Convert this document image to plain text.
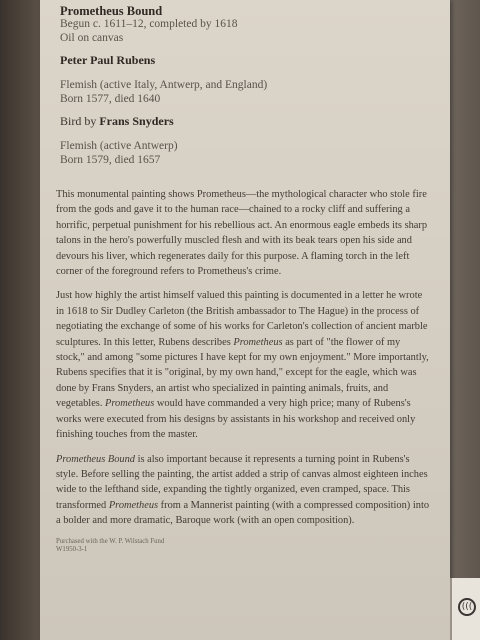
Prometheus Bound

Begun c. 1611–12, completed by 1618

Oil on canvas

Peter Paul Rubens

Flemish (active Italy, Antwerp, and England)

Born 1577, died 1640

Bird by Frans Snyders

Flemish (active Antwerp)

Born 1579, died 1657

This monumental painting shows Prometheus—the mythological character who stole fire from the gods and gave it to the human race—chained to a rocky cliff and suffering a horrific, perpetual punishment for his rebellious act. An enormous eagle embeds its sharp talons in the hero's powerfully muscled flesh and with its beak tears open his side and devours his liver, which regenerates daily for this purpose. A flaming torch in the left corner of the foreground refers to Prometheus's crime.

Just how highly the artist himself valued this painting is documented in a letter he wrote in 1618 to Sir Dudley Carleton (the British ambassador to The Hague) in the process of negotiating the exchange of some of his works for Carleton's collection of ancient marble sculptures. In this letter, Rubens describes Prometheus as part of "the flower of my stock," and among "some pictures I have kept for my own enjoyment." More importantly, Rubens specifies that it is "original, by my own hand," except for the eagle, which was done by Frans Snyders, an artist who specialized in painting animals, fruits, and vegetables. Prometheus would have commanded a very high price; many of Rubens's works were executed from his designs by assistants in his workshop and received only finishing touches from the master.

Prometheus Bound is also important because it represents a turning point in Rubens's style. Before selling the painting, the artist added a strip of canvas almost eighteen inches wide to the lefthand side, expanding the tightly organized, even cramped, space. This transformed Prometheus from a Mannerist painting (with a compressed composition) into a bolder and more dramatic, Baroque work (with an open composition).

Purchased with the W. P. Wilstach Fund
W1950-3-1
(((
